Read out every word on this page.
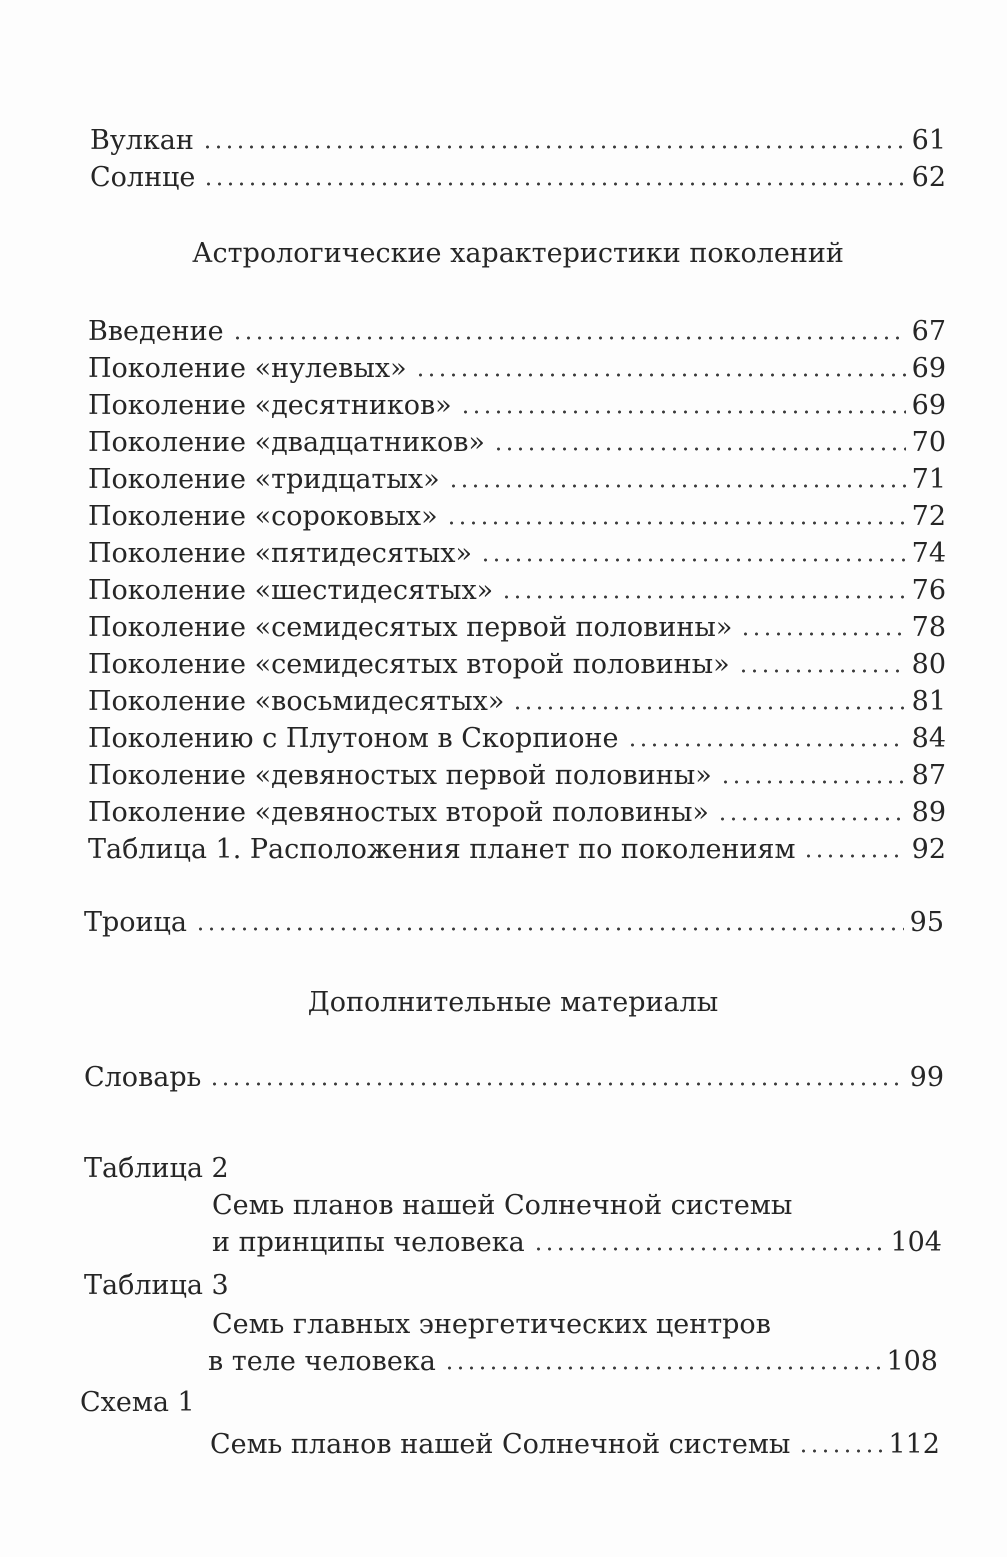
Вулкан	61
Солнце	62
Астрологические характеристики поколений
Введение	67
Поколение «нулевых»	69
Поколение «десятников»	69
Поколение «двадцатников»	70
Поколение «тридцатых»	71
Поколение «сороковых»	72
Поколение «пятидесятых»	74
Поколение «шестидесятых»	76
Поколение «семидесятых первой половины»	78
Поколение «семидесятых второй половины»	80
Поколение «восьмидесятых»	81
Поколению с Плутоном в Скорпионе	84
Поколение «девяностых первой половины»	87
Поколение «девяностых второй половины»	89
Таблица 1. Расположения планет по поколениям	92
Троица	95
Дополнительные материалы
Словарь	99
Таблица 2
Семь планов нашей Солнечной системы
и принципы человека	104
Таблица 3
Семь главных энергетических центров
в теле человека	108
Схема 1
Семь планов нашей Солнечной системы	112
